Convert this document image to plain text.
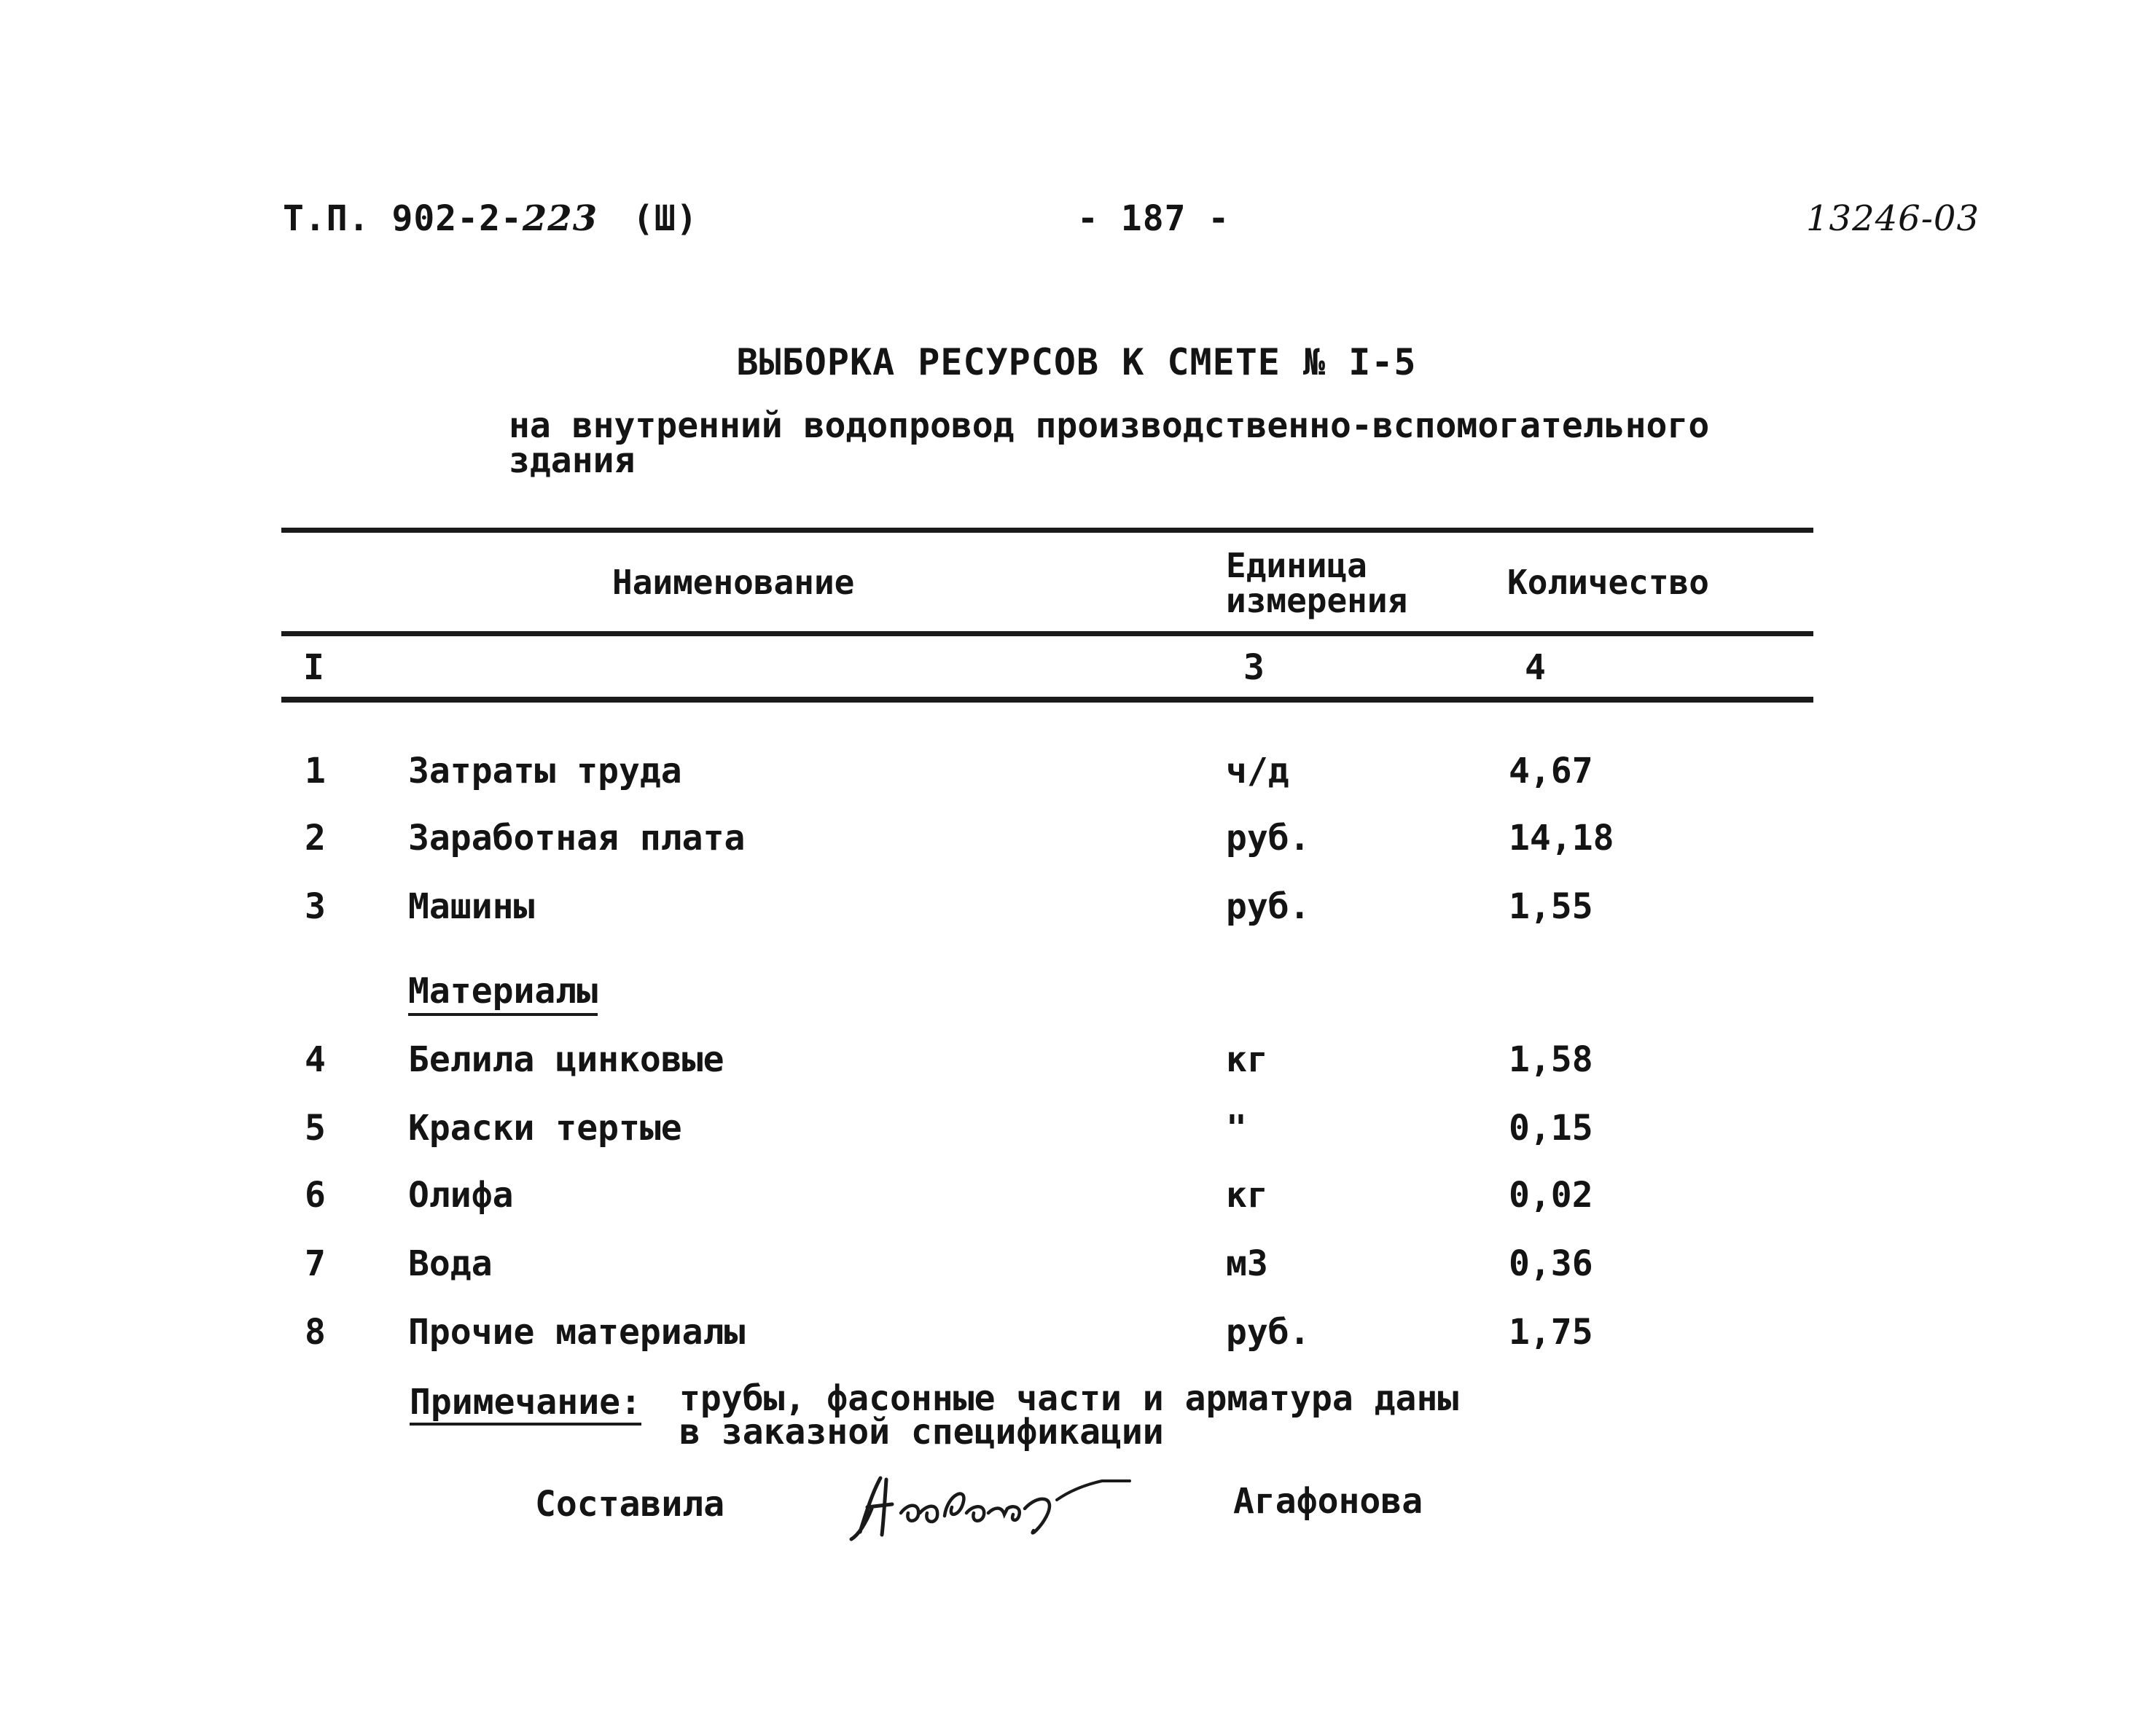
Т.П. 902-2-223 (Ш)	- 187 -	13246-03
ВЫБОРКА РЕСУРСОВ К СМЕТЕ № I-5
на внутренний водопровод производственно-вспомогательного здания
Наименование	Единица измерения	Количество
I	3	4
1 Затраты труда	ч/д	4,67
2 Заработная плата	руб.	14,18
3 Машины	руб.	1,55
Материалы
4 Белила цинковые	кг	1,58
5 Краски тертые	"	0,15
6 Олифа	кг	0,02
7 Вода	м3	0,36
8 Прочие материалы	руб.	1,75
Примечание: трубы, фасонные части и арматура даны в заказной спецификации
Составила	Агафонова
